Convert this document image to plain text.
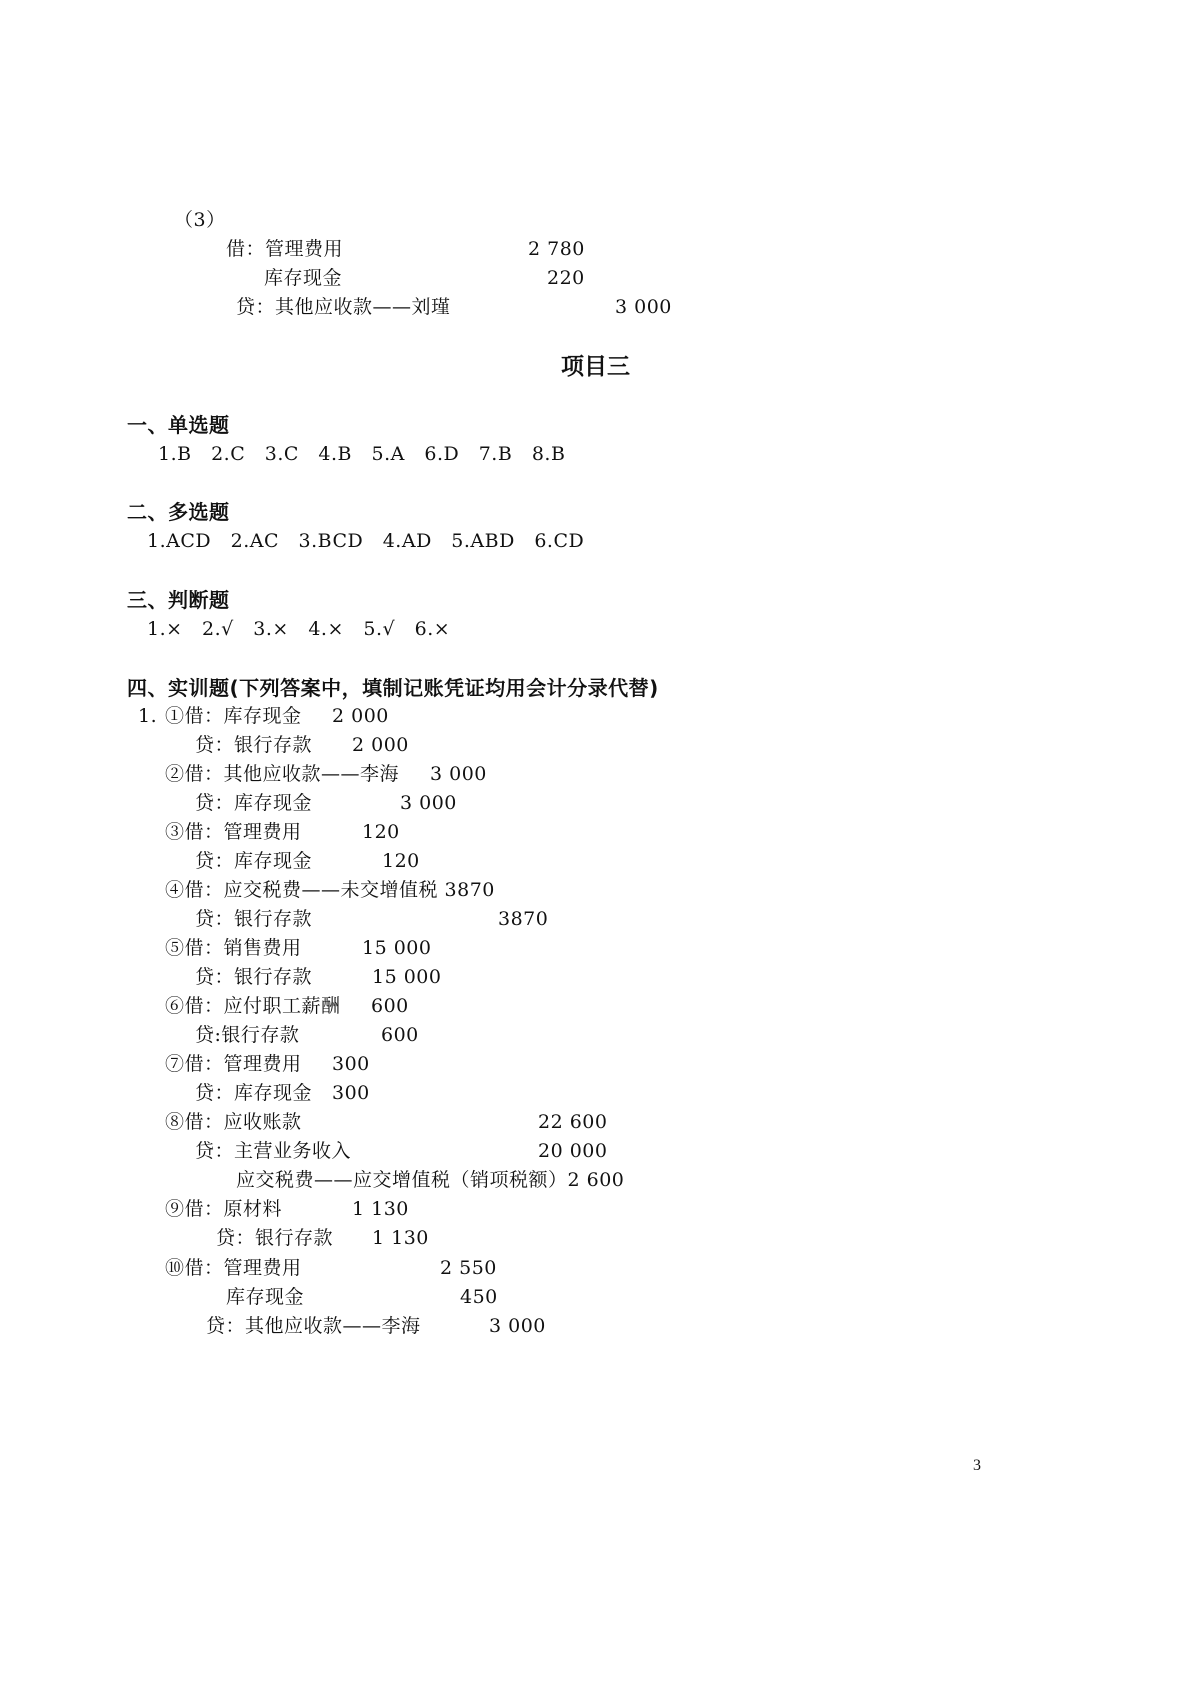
（3）
借：管理费用	2 780
库存现金	220
贷：其他应收款——刘瑾	3 000
项目三
一、单选题
1.B　2.C　3.C　4.B　5.A　6.D　7.B　8.B
二、多选题
1.ACD　2.AC　3.BCD　4.AD　5.ABD　6.CD
三、判断题
1.×　2.√　3.×　4.×　5.√　6.×
四、实训题(下列答案中，填制记账凭证均用会计分录代替)
1. ①借：库存现金 2 000
贷：银行存款 2 000
②借：其他应收款——李海 3 000
贷：库存现金	3 000
③借：管理费用	120
贷：库存现金	120
④借：应交税费——未交增值税 3870
贷：银行存款	3870
⑤借：销售费用	15 000
贷：银行存款	15 000
⑥借：应付职工薪酬 600
贷:银行存款	600
⑦借：管理费用 300
贷：库存现金 300
⑧借：应收账款	22 600
贷：主营业务收入	20 000
应交税费——应交增值税（销项税额）2 600
⑨借：原材料	1 130
贷：银行存款 1 130
⑩借：管理费用	2 550
库存现金	450
贷：其他应收款——李海	3 000
3
